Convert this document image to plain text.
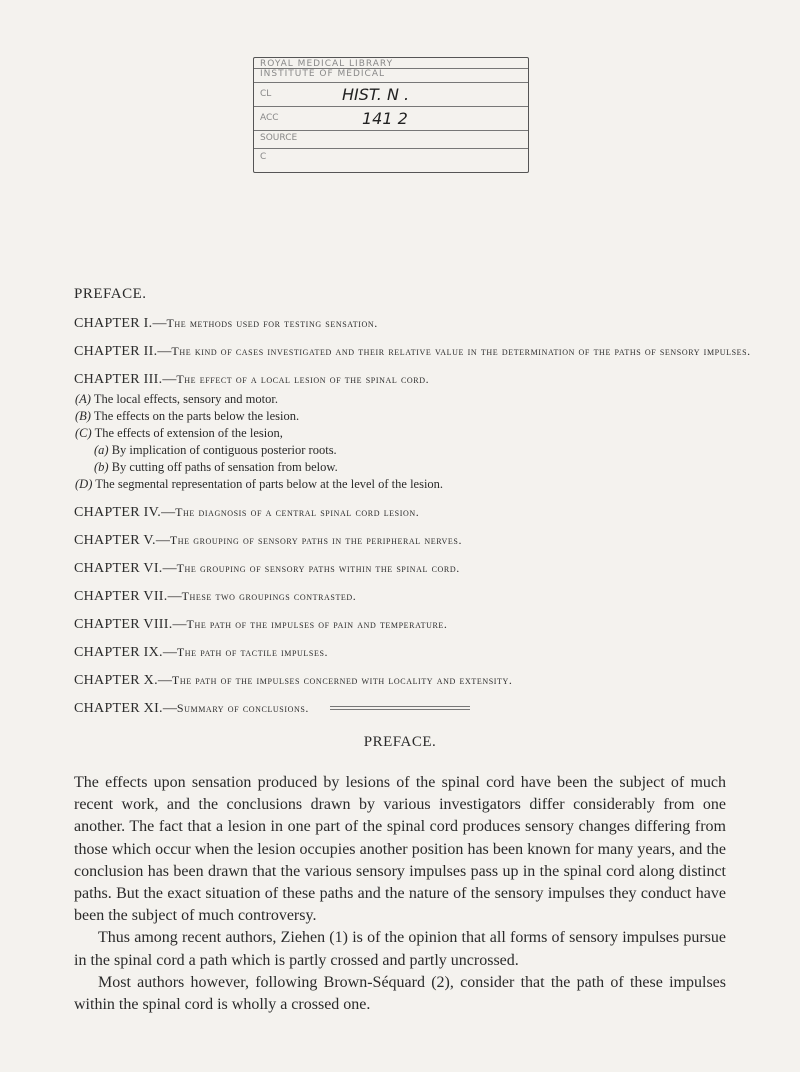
ROYAL MEDICAL LIBRARY
INSTITUTE OF MEDICAL
CL	HIST. N .
ACC	141 2
SOURCE
C
PREFACE.
CHAPTER I.—The methods used for testing sensation.
CHAPTER II.—The kind of cases investigated and their relative value in the determination of the paths of sensory impulses.
CHAPTER III.—The effect of a local lesion of the spinal cord.
(A) The local effects, sensory and motor.
(B) The effects on the parts below the lesion.
(C) The effects of extension of the lesion,
(a) By implication of contiguous posterior roots.
(b) By cutting off paths of sensation from below.
(D) The segmental representation of parts below at the level of the lesion.
CHAPTER IV.—The diagnosis of a central spinal cord lesion.
CHAPTER V.—The grouping of sensory paths in the peripheral nerves.
CHAPTER VI.—The grouping of sensory paths within the spinal cord.
CHAPTER VII.—These two groupings contrasted.
CHAPTER VIII.—The path of the impulses of pain and temperature.
CHAPTER IX.—The path of tactile impulses.
CHAPTER X.—The path of the impulses concerned with locality and extensity.
CHAPTER XI.—Summary of conclusions.
PREFACE.

The effects upon sensation produced by lesions of the spinal cord have been the subject of much recent work, and the conclusions drawn by various investigators differ considerably from one another. The fact that a lesion in one part of the spinal cord produces sensory changes differing from those which occur when the lesion occupies another position has been known for many years, and the conclusion has been drawn that the various sensory impulses pass up in the spinal cord along distinct paths. But the exact situation of these paths and the nature of the sensory impulses they conduct have been the subject of much controversy.

Thus among recent authors, Ziehen (1) is of the opinion that all forms of sensory impulses pursue in the spinal cord a path which is partly crossed and partly uncrossed.

Most authors however, following Brown-Séquard (2), consider that the path of these impulses within the spinal cord is wholly a crossed one.
